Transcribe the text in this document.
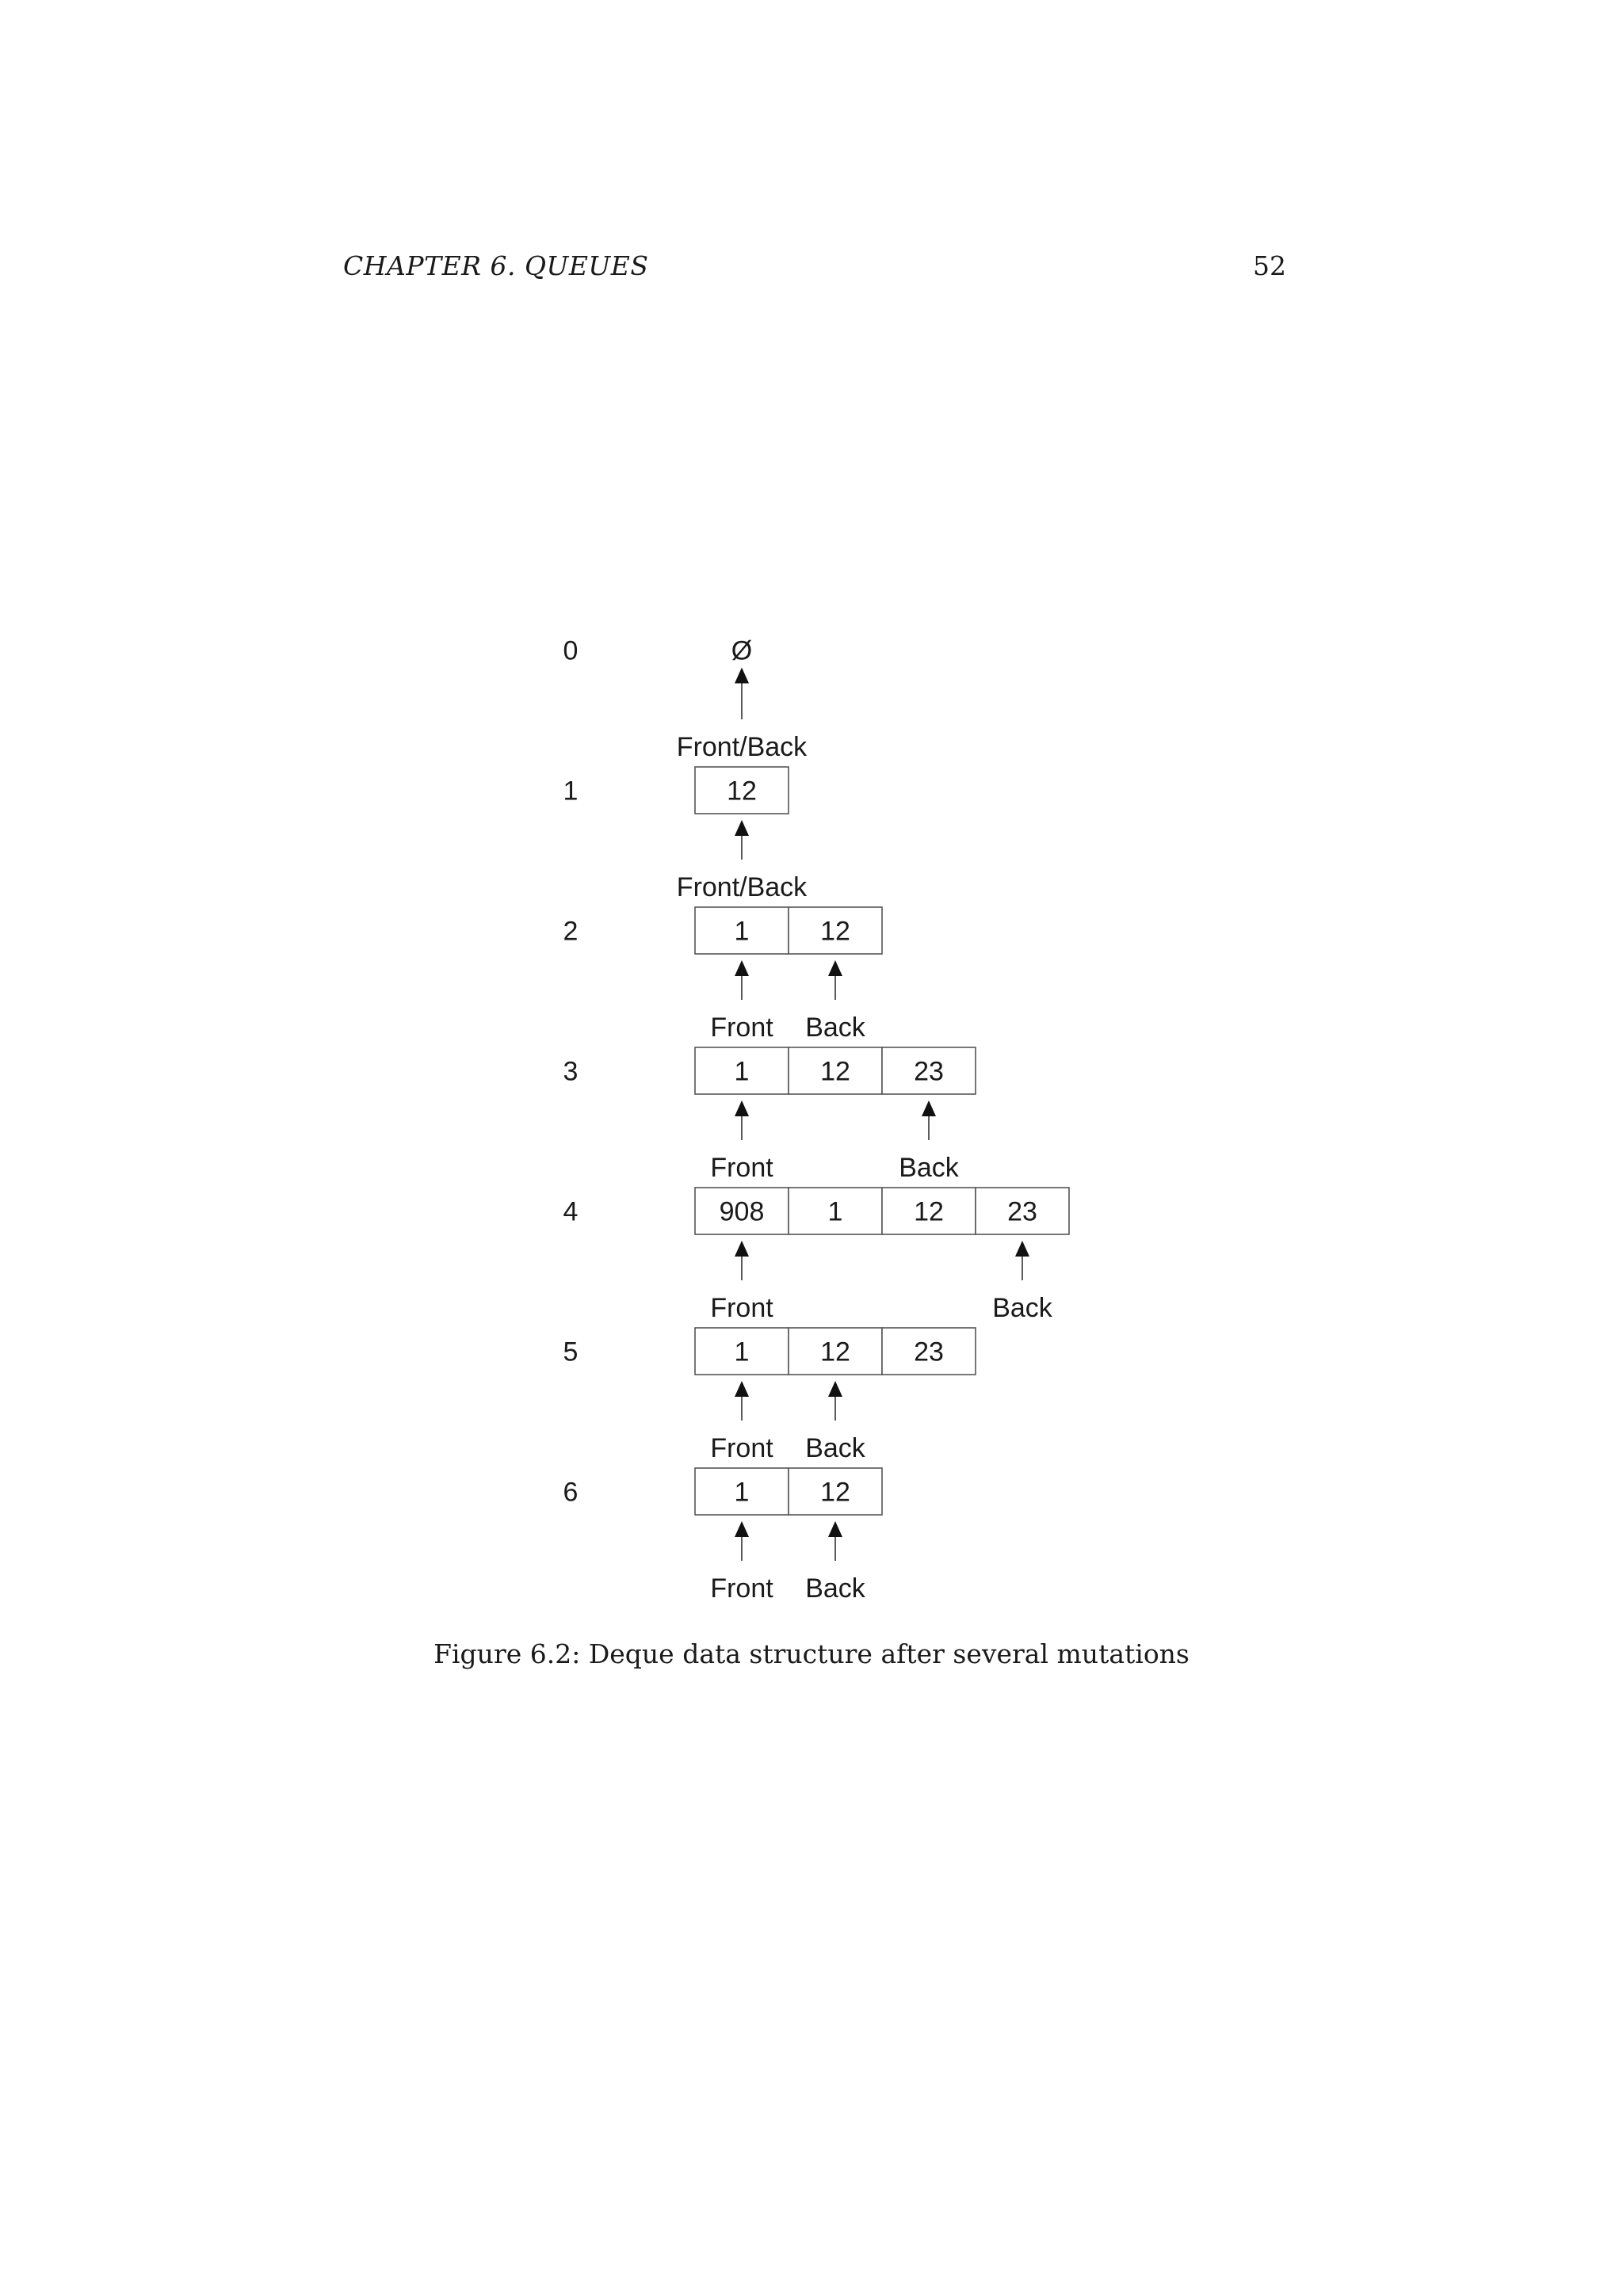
CHAPTER 6. QUEUES	52
0	Ø
Front/Back
1	12
Front/Back
2	1	12
Front Back
3	1	12 23
Front	Back
4	908 1	12 23
Front	Back
5	1	12 23
Front Back
6	1	12
Front Back
Figure 6.2: Deque data structure after several mutations
